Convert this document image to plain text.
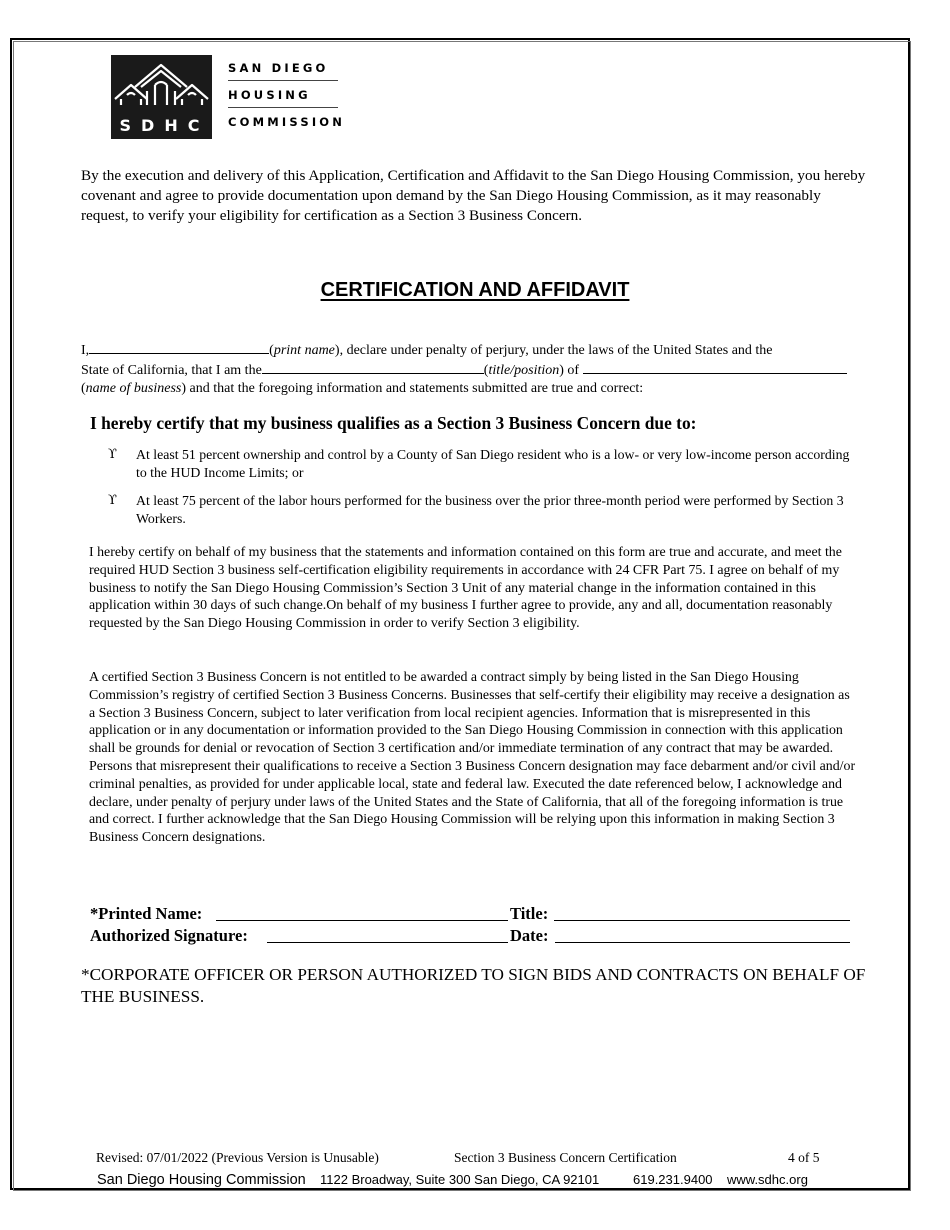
SDHC
SAN DIEGO
HOUSING
COMMISSION
By the execution and delivery of this Application, Certification and Affidavit to the San Diego Housing Commission, you hereby covenant and agree to provide documentation upon demand by the San Diego Housing Commission, as it may reasonably request, to verify your eligibility for certification as a Section 3 Business Concern.
CERTIFICATION AND AFFIDAVIT
I,	(print name), declare under penalty of perjury, under the laws of the United States and the
State of California, that I am the	(title/position) of
(name of business) and that the foregoing information and statements submitted are true and correct:
I hereby certify that my business qualifies as a Section 3 Business Concern due to:
ϒ At least 51 percent ownership and control by a County of San Diego resident who is a low- or very low-income person according to the HUD Income Limits; or
ϒ At least 75 percent of the labor hours performed for the business over the prior three-month period were performed by Section 3 Workers.
I hereby certify on behalf of my business that the statements and information contained on this form are true and accurate, and meet the required HUD Section 3 business self-certification eligibility requirements in accordance with 24 CFR Part 75. I agree on behalf of my business to notify the San Diego Housing Commission’s Section 3 Unit of any material change in the information contained in this application within 30 days of such change.On behalf of my business I further agree to provide, any and all, documentation reasonably requested by the San Diego Housing Commission in order to verify Section 3 eligibility.
A certified Section 3 Business Concern is not entitled to be awarded a contract simply by being listed in the San Diego Housing Commission’s registry of certified Section 3 Business Concerns. Businesses that self-certify their eligibility may receive a designation as a Section 3 Business Concern, subject to later verification from local recipient agencies. Information that is misrepresented in this application or in any documentation or information provided to the San Diego Housing Commission in connection with this application shall be grounds for denial or revocation of Section 3 certification and/or immediate termination of any contract that may be awarded. Persons that misrepresent their qualifications to receive a Section 3 Business Concern designation may face debarment and/or civil and/or criminal penalties, as provided for under applicable local, state and federal law. Executed the date referenced below, I acknowledge and declare, under penalty of perjury under laws of the United States and the State of California, that all of the foregoing information is true and correct. I further acknowledge that the San Diego Housing Commission will be relying upon this information in making Section 3 Business Concern designations.
*Printed Name:	Title:
Authorized Signature:	Date:
*CORPORATE OFFICER OR PERSON AUTHORIZED TO SIGN BIDS AND CONTRACTS ON BEHALF OF THE BUSINESS.
Revised: 07/01/2022 (Previous Version is Unusable)	Section 3 Business Concern Certification	4 of 5
San Diego Housing Commission 1122 Broadway, Suite 300 San Diego, CA 92101	619.231.9400 www.sdhc.org
